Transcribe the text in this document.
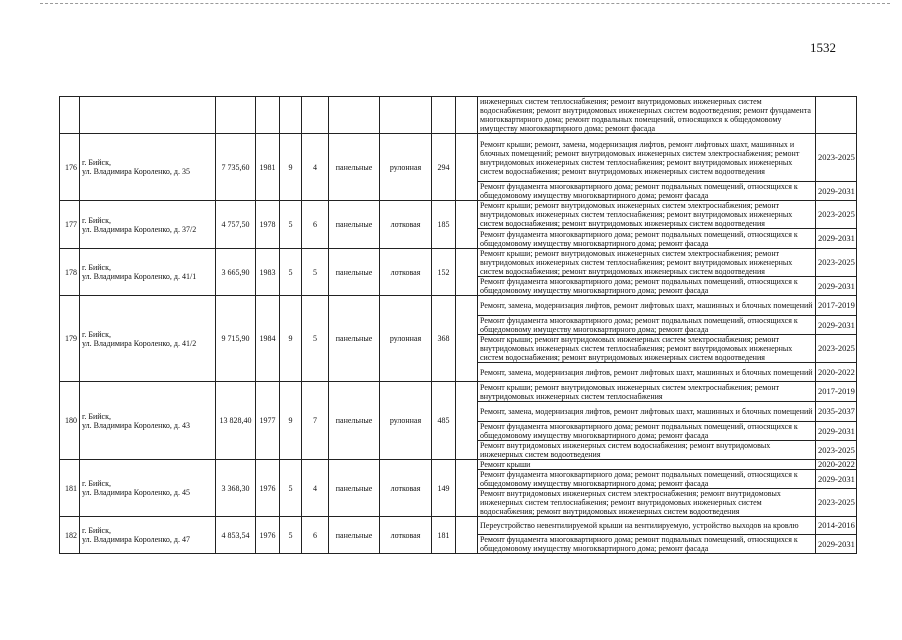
1532
										инженерных систем теплоснабжения; ремонт внутридомовых инженерных систем водоснабжения; ремонт внутридомовых инженерных систем водоотведения; ремонт фундамента многоквартирного дома; ремонт подвальных помещений, относящихся к общедомовому имуществу многоквартирного дома; ремонт фасада	
176	г. Бийск,
ул. Владимира Короленко, д. 35	7 735,60	1981	9	4	панельные	рулонная	294		Ремонт крыши; ремонт, замена, модернизация лифтов, ремонт лифтовых шахт, машинных и блочных помещений; ремонт внутридомовых инженерных систем электроснабжения; ремонт внутридомовых инженерных систем теплоснабжения; ремонт внутридомовых инженерных систем водоснабжения; ремонт внутридомовых инженерных систем водоотведения	2023-2025
										Ремонт фундамента многоквартирного дома; ремонт подвальных помещений, относящихся к общедомовому имуществу многоквартирного дома; ремонт фасада	2029-2031
177	г. Бийск,
ул. Владимира Короленко, д. 37/2	4 757,50	1978	5	6	панельные	лотковая	185		Ремонт крыши; ремонт внутридомовых инженерных систем электроснабжения; ремонт внутридомовых инженерных систем теплоснабжения; ремонт внутридомовых инженерных систем водоснабжения; ремонт внутридомовых инженерных систем водоотведения	2023-2025
										Ремонт фундамента многоквартирного дома; ремонт подвальных помещений, относящихся к общедомовому имуществу многоквартирного дома; ремонт фасада	2029-2031
178	г. Бийск,
ул. Владимира Короленко, д. 41/1	3 665,90	1983	5	5	панельные	лотковая	152		Ремонт крыши; ремонт внутридомовых инженерных систем электроснабжения; ремонт внутридомовых инженерных систем теплоснабжения; ремонт внутридомовых инженерных систем водоснабжения; ремонт внутридомовых инженерных систем водоотведения	2023-2025
										Ремонт фундамента многоквартирного дома; ремонт подвальных помещений, относящихся к общедомовому имуществу многоквартирного дома; ремонт фасада	2029-2031
179	г. Бийск,
ул. Владимира Короленко, д. 41/2	9 715,90	1984	9	5	панельные	рулонная	368		Ремонт, замена, модернизация лифтов, ремонт лифтовых шахт, машинных и блочных помещений	2017-2019
										Ремонт фундамента многоквартирного дома; ремонт подвальных помещений, относящихся к общедомовому имуществу многоквартирного дома; ремонт фасада	2029-2031
										Ремонт крыши; ремонт внутридомовых инженерных систем электроснабжения; ремонт внутридомовых инженерных систем теплоснабжения; ремонт внутридомовых инженерных систем водоснабжения; ремонт внутридомовых инженерных систем водоотведения	2023-2025
										Ремонт, замена, модернизация лифтов, ремонт лифтовых шахт, машинных и блочных помещений	2020-2022
180	г. Бийск,
ул. Владимира Короленко, д. 43	13 828,40	1977	9	7	панельные	рулонная	485		Ремонт крыши; ремонт внутридомовых инженерных систем электроснабжения; ремонт внутридомовых инженерных систем теплоснабжения	2017-2019
										Ремонт, замена, модернизация лифтов, ремонт лифтовых шахт, машинных и блочных помещений	2035-2037
										Ремонт фундамента многоквартирного дома; ремонт подвальных помещений, относящихся к общедомовому имуществу многоквартирного дома; ремонт фасада	2029-2031
										Ремонт внутридомовых инженерных систем водоснабжения; ремонт внутридомовых инженерных систем водоотведения	2023-2025
181	г. Бийск,
ул. Владимира Короленко, д. 45	3 368,30	1976	5	4	панельные	лотковая	149		Ремонт крыши	2020-2022
										Ремонт фундамента многоквартирного дома; ремонт подвальных помещений, относящихся к общедомовому имуществу многоквартирного дома; ремонт фасада	2029-2031
										Ремонт внутридомовых инженерных систем электроснабжения; ремонт внутридомовых инженерных систем теплоснабжения; ремонт внутридомовых инженерных систем водоснабжения; ремонт внутридомовых инженерных систем водоотведения	2023-2025
182	г. Бийск,
ул. Владимира Короленко, д. 47	4 853,54	1976	5	6	панельные	лотковая	181		Переустройство невентилируемой крыши на вентилируемую, устройство выходов на кровлю	2014-2016
										Ремонт фундамента многоквартирного дома; ремонт подвальных помещений, относящихся к общедомовому имуществу многоквартирного дома; ремонт фасада	2029-2031
